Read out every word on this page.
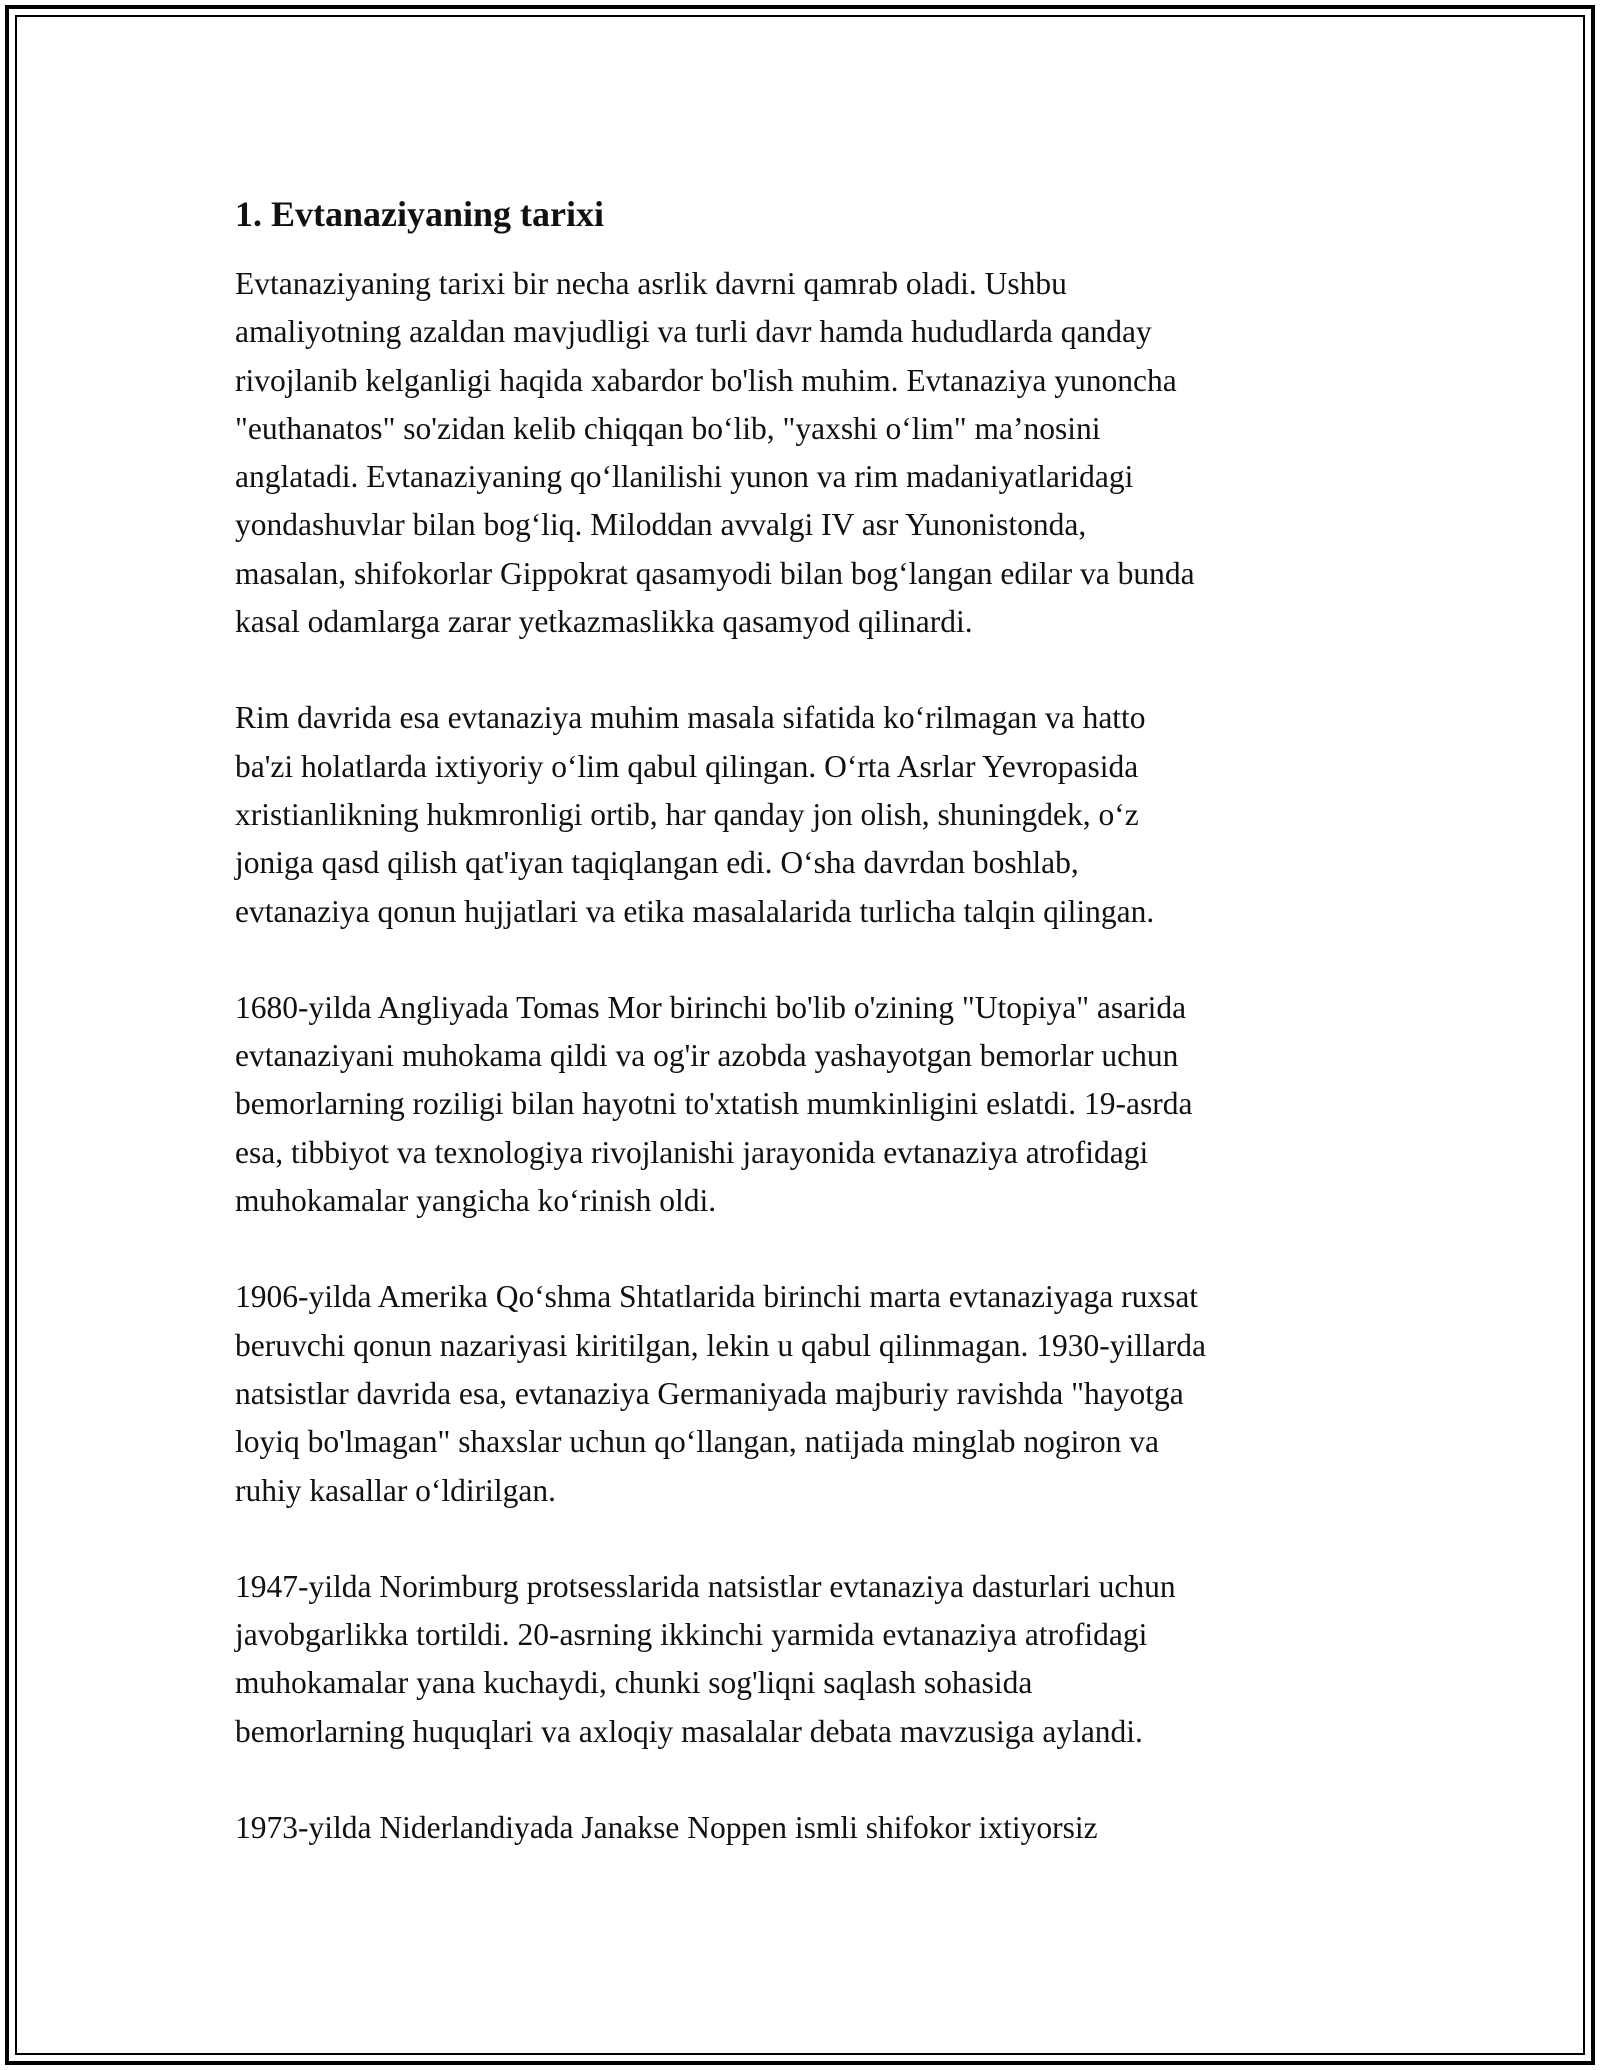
1. Evtanaziyaning tarixi

Evtanaziyaning tarixi bir necha asrlik davrni qamrab oladi. Ushbu
amaliyotning azaldan mavjudligi va turli davr hamda hududlarda qanday
rivojlanib kelganligi haqida xabardor bo'lish muhim. Evtanaziya yunoncha
"euthanatos" so'zidan kelib chiqqan bo‘lib, "yaxshi o‘lim" ma’nosini
anglatadi. Evtanaziyaning qo‘llanilishi yunon va rim madaniyatlaridagi
yondashuvlar bilan bog‘liq. Miloddan avvalgi IV asr Yunonistonda,
masalan, shifokorlar Gippokrat qasamyodi bilan bog‘langan edilar va bunda
kasal odamlarga zarar yetkazmaslikka qasamyod qilinardi.

Rim davrida esa evtanaziya muhim masala sifatida ko‘rilmagan va hatto
ba'zi holatlarda ixtiyoriy o‘lim qabul qilingan. O‘rta Asrlar Yevropasida
xristianlikning hukmronligi ortib, har qanday jon olish, shuningdek, o‘z
joniga qasd qilish qat'iyan taqiqlangan edi. O‘sha davrdan boshlab,
evtanaziya qonun hujjatlari va etika masalalarida turlicha talqin qilingan.

1680-yilda Angliyada Tomas Mor birinchi bo'lib o'zining "Utopiya" asarida
evtanaziyani muhokama qildi va og'ir azobda yashayotgan bemorlar uchun
bemorlarning roziligi bilan hayotni to'xtatish mumkinligini eslatdi. 19-asrda
esa, tibbiyot va texnologiya rivojlanishi jarayonida evtanaziya atrofidagi
muhokamalar yangicha ko‘rinish oldi.

1906-yilda Amerika Qo‘shma Shtatlarida birinchi marta evtanaziyaga ruxsat
beruvchi qonun nazariyasi kiritilgan, lekin u qabul qilinmagan. 1930-yillarda
natsistlar davrida esa, evtanaziya Germaniyada majburiy ravishda "hayotga
loyiq bo'lmagan" shaxslar uchun qo‘llangan, natijada minglab nogiron va
ruhiy kasallar o‘ldirilgan.

1947-yilda Norimburg protsesslarida natsistlar evtanaziya dasturlari uchun
javobgarlikka tortildi. 20-asrning ikkinchi yarmida evtanaziya atrofidagi
muhokamalar yana kuchaydi, chunki sog'liqni saqlash sohasida
bemorlarning huquqlari va axloqiy masalalar debata mavzusiga aylandi.

1973-yilda Niderlandiyada Janakse Noppen ismli shifokor ixtiyorsiz
